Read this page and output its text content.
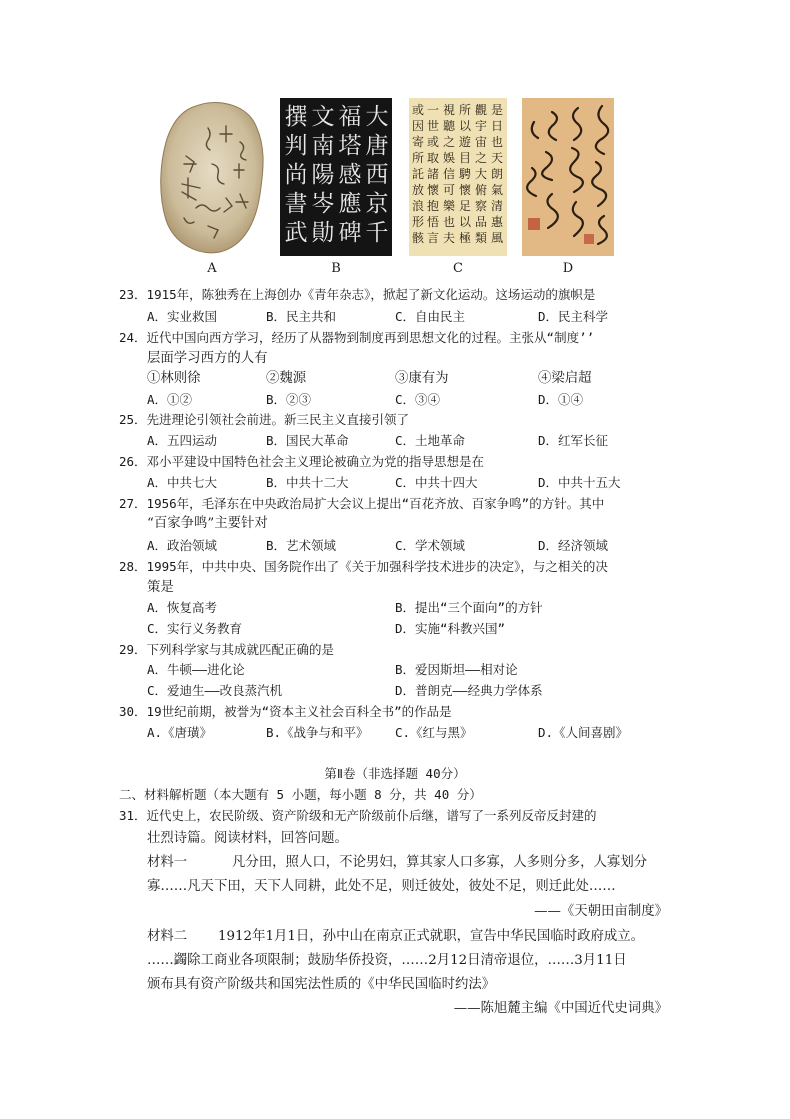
A
大
唐
西
京
千
福
塔
感
應
碑
文
南
陽
岑
勛
撰
判
尚
書
武
B
是
日
也
天
朗
氣
清
惠
風
觀
宇
宙
之
大
俯
察
品
類
所
以
遊
目
騁
懷
足
以
極
視
聽
之
娛
信
可
樂
也
夫
一
世
或
取
諸
懷
抱
悟
言
或
因
寄
所
託
放
浪
形
骸
C	D
23．1915年，陈独秀在上海创办《青年杂志》，掀起了新文化运动。这场运动的旗帜是
A．实业救国	B．民主共和	C．自由民主	D．民主科学
24．近代中国向西方学习，经历了从器物到制度再到思想文化的过程。主张从“制度’’
层面学习西方的人有
①林则徐	②魏源	③康有为	④梁启超
A．①②	B．②③	C．③④	D．①④
25．先进理论引领社会前进。新三民主义直接引领了
A．五四运动	B．国民大革命	C．土地革命	D．红军长征
26．邓小平建设中国特色社会主义理论被确立为党的指导思想是在
A．中共七大	B．中共十二大	C．中共十四大	D．中共十五大
27．1956年，毛泽东在中央政治局扩大会议上提出“百花齐放、百家争鸣”的方针。其中
“百家争鸣”主要针对
A．政治领域	B．艺术领域	C．学术领域	D．经济领域
28．1995年，中共中央、国务院作出了《关于加强科学技术进步的决定》，与之相关的决
策是
A．恢复高考	B．提出“三个面向”的方针
C．实行义务教育	D．实施“科教兴国”
29．下列科学家与其成就匹配正确的是
A．牛顿——进化论	B．爱因斯坦——相对论
C．爱迪生——改良蒸汽机	D．普朗克——经典力学体系
30．19世纪前期，被誉为“资本主义社会百科全书”的作品是
A.《唐璜》	B.《战争与和平》 C.《红与黑》	D.《人间喜剧》
第Ⅱ卷（非选择题 40分）
二、材料解析题（本大题有 5 小题，每小题 8 分，共 40 分）
31．近代史上，农民阶级、资产阶级和无产阶级前仆后继，谱写了一系列反帝反封建的
壮烈诗篇。阅读材料，回答问题。
材料一	凡分田，照人口，不论男妇，算其家人口多寡，人多则分多，人寡划分
寡……凡天下田，天下人同耕，此处不足，则迁彼处，彼处不足，则迁此处……
——《天朝田亩制度》
材料二 1912年1月1日，孙中山在南京正式就职，宣告中华民国临时政府成立。
……蠲除工商业各项限制；鼓励华侨投资，……2月12日清帝退位，……3月11日
颁布具有资产阶级共和国宪法性质的《中华民国临时约法》
——陈旭麓主编《中国近代史词典》
